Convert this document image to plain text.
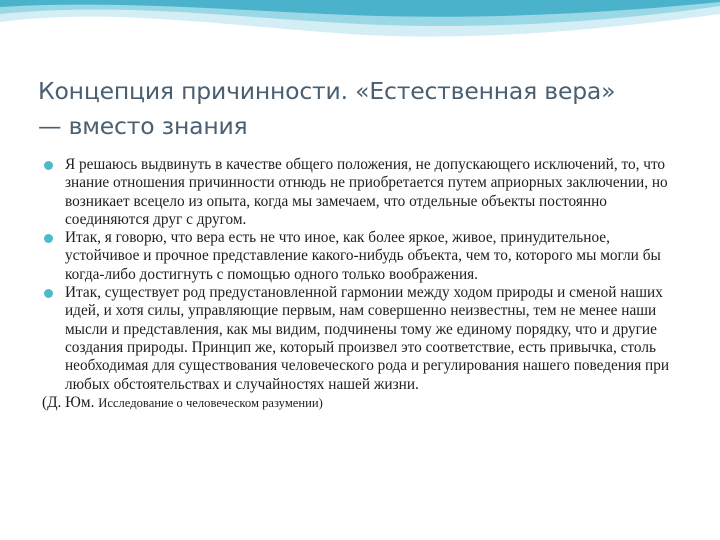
Концепция причинности. «Естественная вера»
— вместо знания

Я решаюсь выдвинуть в качестве общего положения, не допускающего исключений, то, что знание отношения причинности отнюдь не приобретается путем априорных заключении, но возникает всецело из опыта, когда мы замечаем, что отдельные объекты постоянно соединяются друг с другом.

Итак, я говорю, что вера есть не что иное, как более яркое, живое, принудительное, устойчивое и прочное представление какого-нибудь объекта, чем то, которого мы могли бы когда-либо достигнуть с помощью одного только воображения.

Итак, существует род предустановленной гармонии между ходом природы и сменой наших идей, и хотя силы, управляющие первым, нам совершенно неизвестны, тем не менее наши мысли и представления, как мы видим, подчинены тому же единому порядку, что и другие создания природы. Принцип же, который произвел это соответствие, есть привычка, столь необходимая для существования человеческого рода и регулирования нашего поведения при любых обстоятельствах и случайностях нашей жизни.

(Д. Юм. Исследование о человеческом разумении)
